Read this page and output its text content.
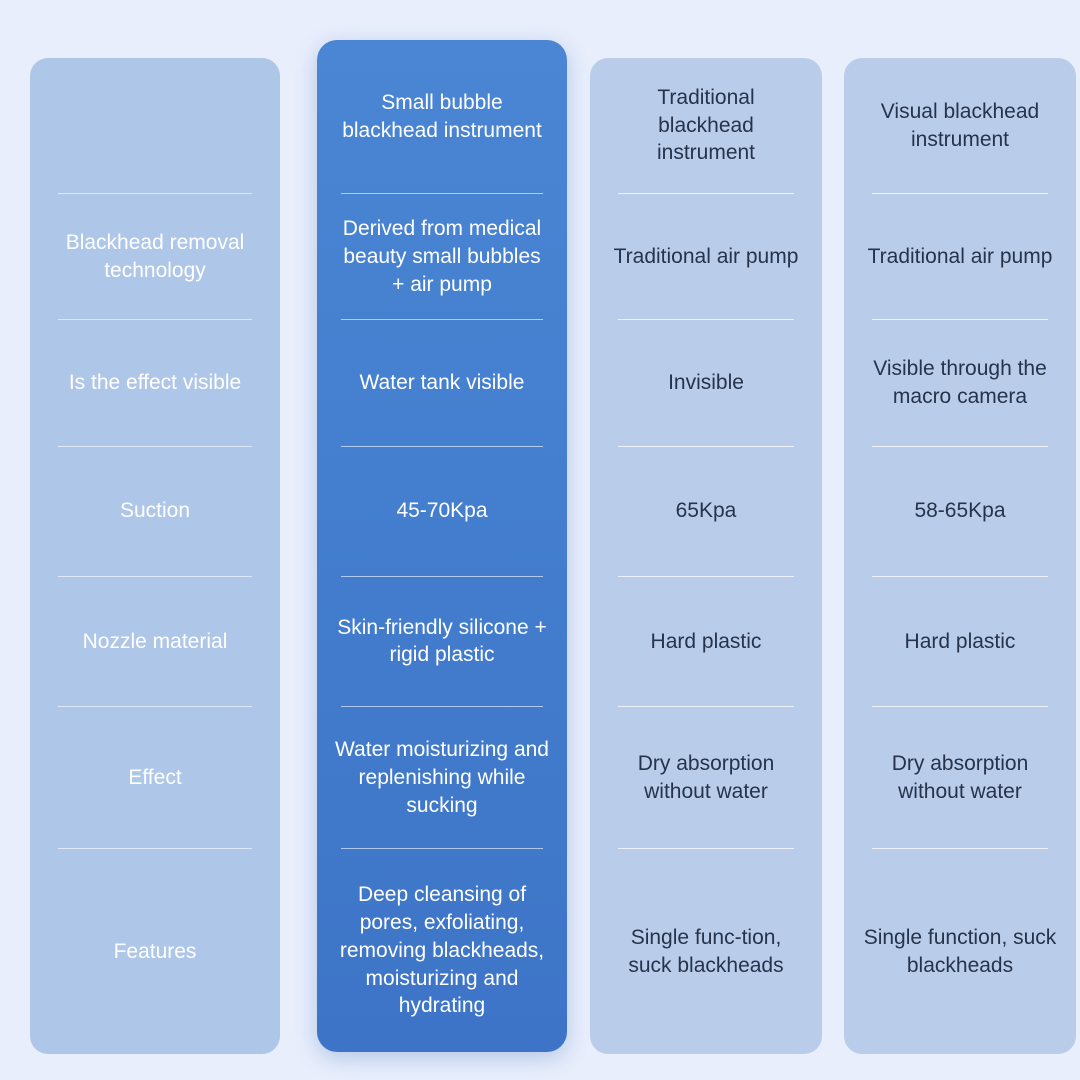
Blackhead removal technology
Is the effect visible
Suction
Nozzle material
Effect
Features
Small bubble blackhead instrument
Derived from medical beauty small bubbles + air pump
Water tank visible
45-70Kpa
Skin-friendly silicone + rigid plastic
Water moisturizing and replenishing while sucking
Deep cleansing of pores, exfoliating, removing blackheads, moisturizing and hydrating
Traditional blackhead instrument
Traditional air pump
Invisible
65Kpa
Hard plastic
Dry absorption without water
Single func-tion, suck blackheads
Visual blackhead instrument
Traditional air pump
Visible through the macro camera
58-65Kpa
Hard plastic
Dry absorption without water
Single function, suck blackheads
